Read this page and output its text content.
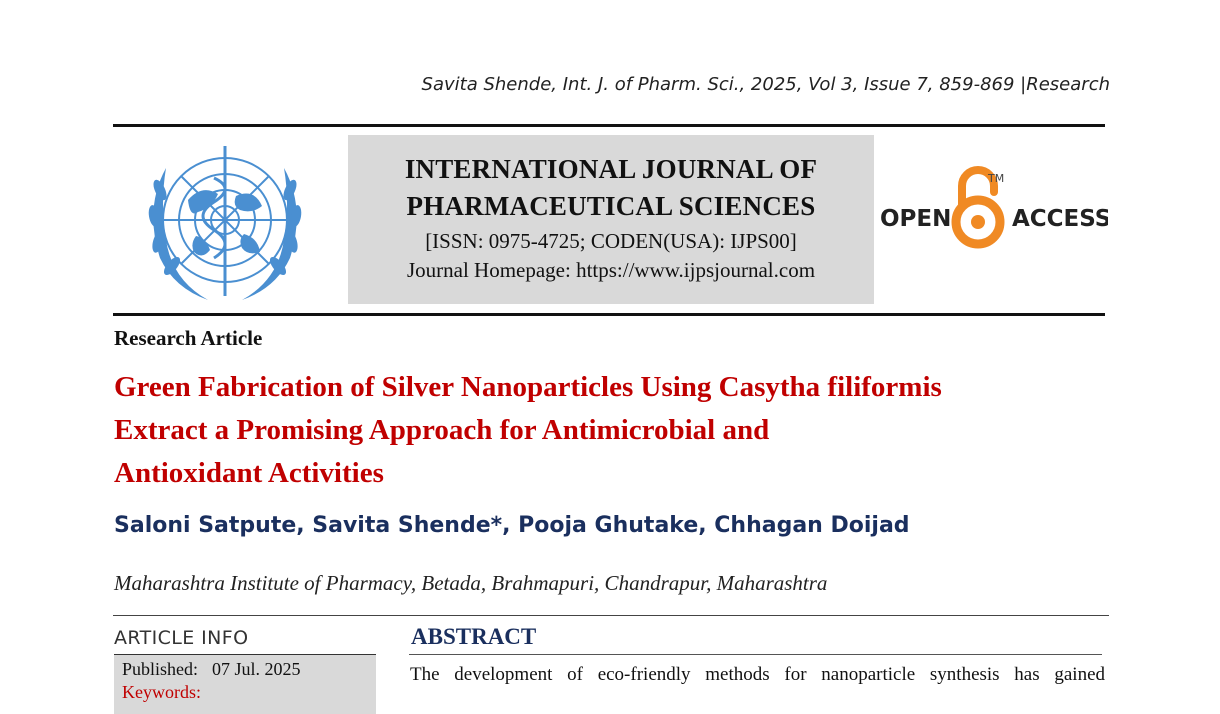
Savita Shende, Int. J. of Pharm. Sci., 2025, Vol 3, Issue 7, 859-869 |Research
INTERNATIONAL JOURNAL OF
PHARMACEUTICAL SCIENCES
[ISSN: 0975-4725; CODEN(USA): IJPS00]
Journal Homepage: https://www.ijpsjournal.com
OPEN
TM
ACCESS
Research Article
Green Fabrication of Silver Nanoparticles Using Casytha filiformis
Extract a Promising Approach for Antimicrobial and
Antioxidant Activities
Saloni Satpute, Savita Shende*, Pooja Ghutake, Chhagan Doijad
Maharashtra Institute of Pharmacy, Betada, Brahmapuri, Chandrapur, Maharashtra
ARTICLE INFO
Published: 07 Jul. 2025
Keywords:
ABSTRACT
The development of eco-friendly methods for nanoparticle synthesis has gained
